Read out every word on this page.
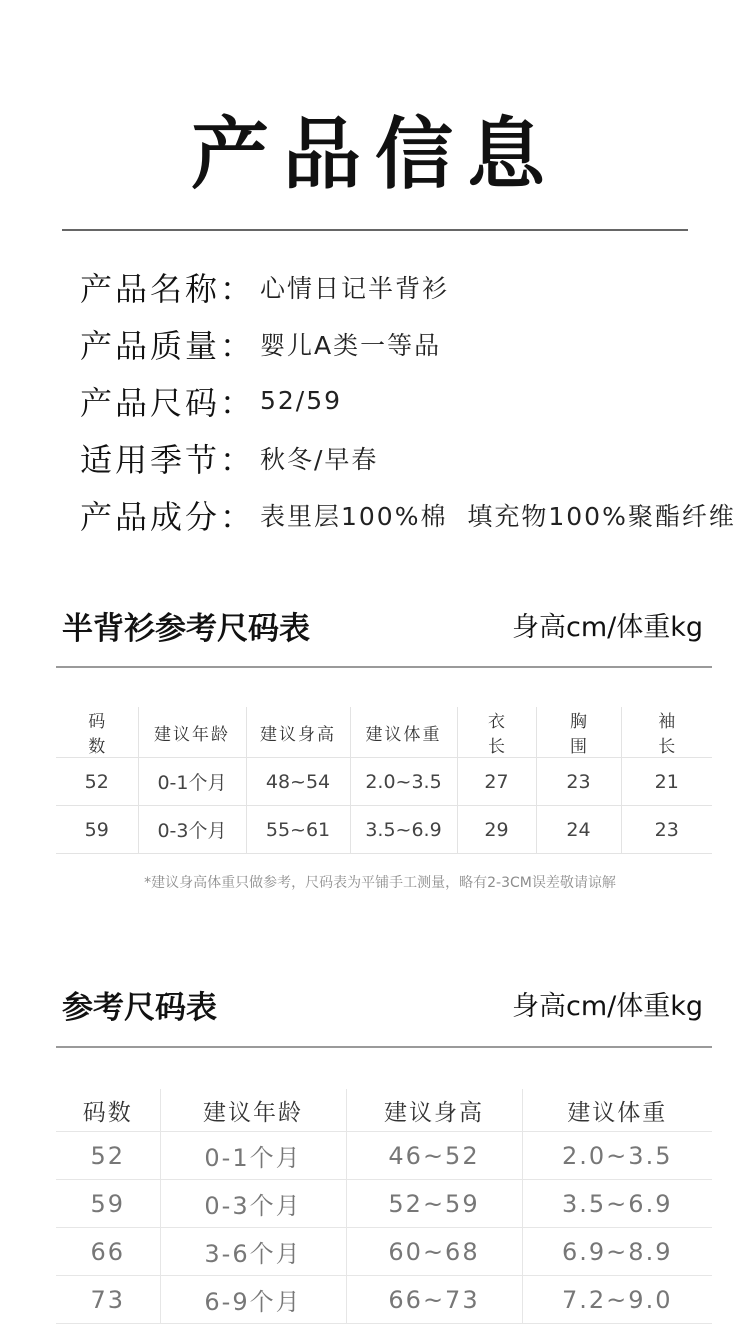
产品信息
产品名称： 心情日记半背衫
产品质量： 婴儿A类一等品
产品尺码： 52/59
适用季节： 秋冬/早春
产品成分： 表里层100%棉  填充物100%聚酯纤维
半背衫参考尺码表	身高cm/体重kg
码数	建议年龄	建议身高	建议体重	衣长	胸围	袖长
52	0-1个月	48~54	2.0~3.5	27	23	21
59	0-3个月	55~61	3.5~6.9	29	24	23
*建议身高体重只做参考，尺码表为平铺手工测量，略有2-3CM误差敬请谅解
参考尺码表	身高cm/体重kg
码数	建议年龄	建议身高	建议体重
52	0-1个月	46~52	2.0~3.5
59	0-3个月	52~59	3.5~6.9
66	3-6个月	60~68	6.9~8.9
73	6-9个月	66~73	7.2~9.0
